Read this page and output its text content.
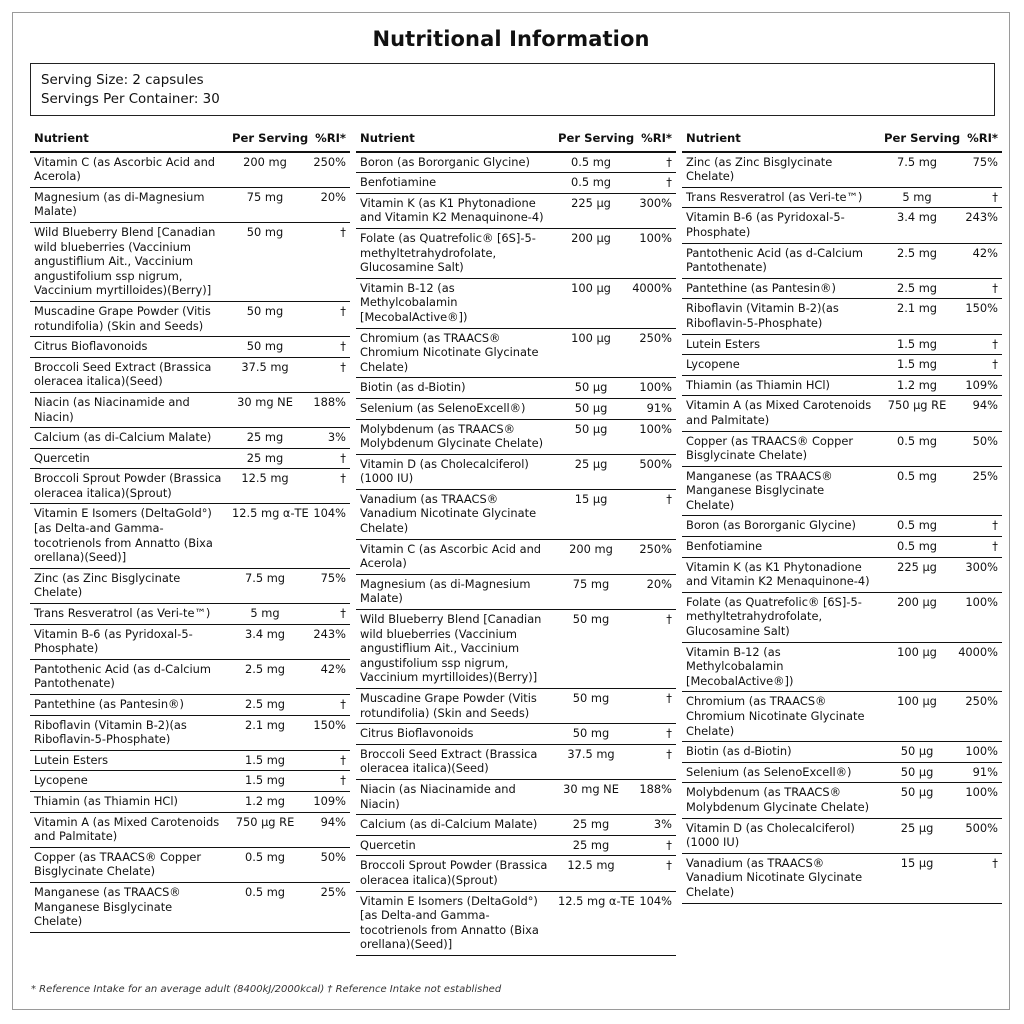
Nutritional Information
Serving Size: 2 capsules
Servings Per Container: 30
Nutrient	Per Serving	%RI*
Vitamin C (as Ascorbic Acid and Acerola)	200 mg	250%
Magnesium (as di-Magnesium Malate)	75 mg	20%
Wild Blueberry Blend [Canadian wild blueberries (Vaccinium angustiflium Ait., Vaccinium angustifolium ssp nigrum, Vaccinium myrtilloides)(Berry)]	50 mg	†
Muscadine Grape Powder (Vitis rotundifolia) (Skin and Seeds)	50 mg	†
Citrus Bioflavonoids	50 mg	†
Broccoli Seed Extract (Brassica oleracea italica)(Seed)	37.5 mg	†
Niacin (as Niacinamide and Niacin)	30 mg NE	188%
Calcium (as di-Calcium Malate)	25 mg	3%
Quercetin	25 mg	†
Broccoli Sprout Powder (Brassica oleracea italica)(Sprout)	12.5 mg	†
Vitamin E Isomers (DeltaGold°) [as Delta-and Gamma-tocotrienols from Annatto (Bixa orellana)(Seed)]	12.5 mg α-TE	104%
Zinc (as Zinc Bisglycinate Chelate)	7.5 mg	75%
Trans Resveratrol (as Veri-te™)	5 mg	†
Vitamin B-6 (as Pyridoxal-5-Phosphate)	3.4 mg	243%
Pantothenic Acid (as d-Calcium Pantothenate)	2.5 mg	42%
Pantethine (as Pantesin®)	2.5 mg	†
Riboflavin (Vitamin B-2)(as Riboflavin-5-Phosphate)	2.1 mg	150%
Lutein Esters	1.5 mg	†
Lycopene	1.5 mg	†
Thiamin (as Thiamin HCl)	1.2 mg	109%
Vitamin A (as Mixed Carotenoids and Palmitate)	750 µg RE	94%
Copper (as TRAACS® Copper Bisglycinate Chelate)	0.5 mg	50%
Manganese (as TRAACS® Manganese Bisglycinate Chelate)	0.5 mg	25%
Nutrient	Per Serving	%RI*
Boron (as Bororganic Glycine)	0.5 mg	†
Benfotiamine	0.5 mg	†
Vitamin K (as K1 Phytonadione and Vitamin K2 Menaquinone-4)	225 µg	300%
Folate (as Quatrefolic® [6S]-5-methyltetrahydrofolate, Glucosamine Salt)	200 µg	100%
Vitamin B-12 (as Methylcobalamin [MecobalActive®])	100 µg	4000%
Chromium (as TRAACS® Chromium Nicotinate Glycinate Chelate)	100 µg	250%
Biotin (as d-Biotin)	50 µg	100%
Selenium (as SelenoExcell®)	50 µg	91%
Molybdenum (as TRAACS® Molybdenum Glycinate Chelate)	50 µg	100%
Vitamin D (as Cholecalciferol) (1000 IU)	25 µg	500%
Vanadium (as TRAACS® Vanadium Nicotinate Glycinate Chelate)	15 µg	†
Vitamin C (as Ascorbic Acid and Acerola)	200 mg	250%
Magnesium (as di-Magnesium Malate)	75 mg	20%
Wild Blueberry Blend [Canadian wild blueberries (Vaccinium angustiflium Ait., Vaccinium angustifolium ssp nigrum, Vaccinium myrtilloides)(Berry)]	50 mg	†
Muscadine Grape Powder (Vitis rotundifolia) (Skin and Seeds)	50 mg	†
Citrus Bioflavonoids	50 mg	†
Broccoli Seed Extract (Brassica oleracea italica)(Seed)	37.5 mg	†
Niacin (as Niacinamide and Niacin)	30 mg NE	188%
Calcium (as di-Calcium Malate)	25 mg	3%
Quercetin	25 mg	†
Broccoli Sprout Powder (Brassica oleracea italica)(Sprout)	12.5 mg	†
Vitamin E Isomers (DeltaGold°) [as Delta-and Gamma-tocotrienols from Annatto (Bixa orellana)(Seed)]	12.5 mg α-TE	104%
Nutrient	Per Serving	%RI*
Zinc (as Zinc Bisglycinate Chelate)	7.5 mg	75%
Trans Resveratrol (as Veri-te™)	5 mg	†
Vitamin B-6 (as Pyridoxal-5-Phosphate)	3.4 mg	243%
Pantothenic Acid (as d-Calcium Pantothenate)	2.5 mg	42%
Pantethine (as Pantesin®)	2.5 mg	†
Riboflavin (Vitamin B-2)(as Riboflavin-5-Phosphate)	2.1 mg	150%
Lutein Esters	1.5 mg	†
Lycopene	1.5 mg	†
Thiamin (as Thiamin HCl)	1.2 mg	109%
Vitamin A (as Mixed Carotenoids and Palmitate)	750 µg RE	94%
Copper (as TRAACS® Copper Bisglycinate Chelate)	0.5 mg	50%
Manganese (as TRAACS® Manganese Bisglycinate Chelate)	0.5 mg	25%
Boron (as Bororganic Glycine)	0.5 mg	†
Benfotiamine	0.5 mg	†
Vitamin K (as K1 Phytonadione and Vitamin K2 Menaquinone-4)	225 µg	300%
Folate (as Quatrefolic® [6S]-5-methyltetrahydrofolate, Glucosamine Salt)	200 µg	100%
Vitamin B-12 (as Methylcobalamin [MecobalActive®])	100 µg	4000%
Chromium (as TRAACS® Chromium Nicotinate Glycinate Chelate)	100 µg	250%
Biotin (as d-Biotin)	50 µg	100%
Selenium (as SelenoExcell®)	50 µg	91%
Molybdenum (as TRAACS® Molybdenum Glycinate Chelate)	50 µg	100%
Vitamin D (as Cholecalciferol) (1000 IU)	25 µg	500%
Vanadium (as TRAACS® Vanadium Nicotinate Glycinate Chelate)	15 µg	†
* Reference Intake for an average adult (8400kJ/2000kcal) † Reference Intake not established
